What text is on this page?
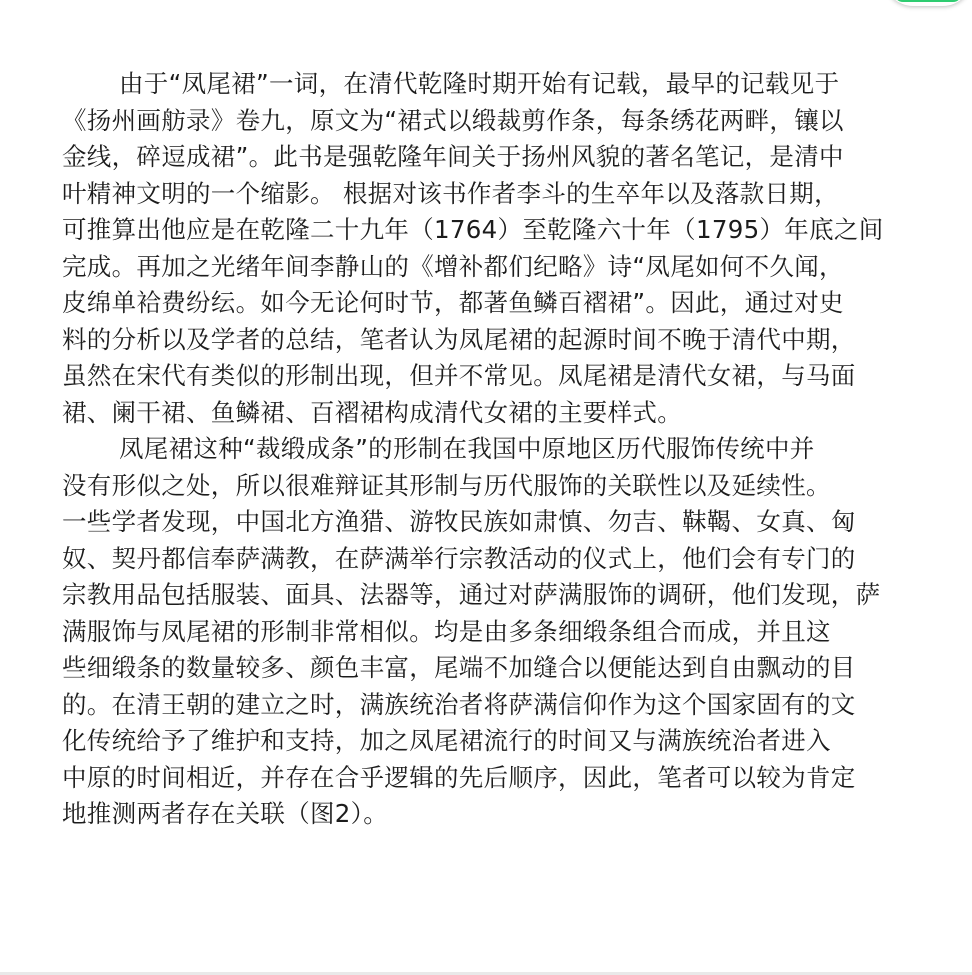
由于“凤尾裙”一词，在清代乾隆时期开始有记载，最早的记载见于
《扬州画舫录》卷九，原文为“裙式以缎裁剪作条，每条绣花两畔，镶以
金线，碎逗成裙”。此书是强乾隆年间关于扬州风貌的著名笔记，是清中
叶精神文明的一个缩影。 根据对该书作者李斗的生卒年以及落款日期，
可推算出他应是在乾隆二十九年（1764）至乾隆六十年（1795）年底之间
完成。再加之光绪年间李静山的《增补都们纪略》诗“凤尾如何不久闻，
皮绵单袷费纷纭。如今无论何时节，都著鱼鳞百褶裙”。因此，通过对史
料的分析以及学者的总结，笔者认为凤尾裙的起源时间不晚于清代中期，
虽然在宋代有类似的形制出现，但并不常见。凤尾裙是清代女裙，与马面
裙、阑干裙、鱼鳞裙、百褶裙构成清代女裙的主要样式。
凤尾裙这种“裁缎成条”的形制在我国中原地区历代服饰传统中并
没有形似之处，所以很难辩证其形制与历代服饰的关联性以及延续性。
一些学者发现，中国北方渔猎、游牧民族如肃慎、勿吉、靺鞨、女真、匈
奴、契丹都信奉萨满教，在萨满举行宗教活动的仪式上，他们会有专门的
宗教用品包括服装、面具、法器等，通过对萨满服饰的调研，他们发现，萨
满服饰与凤尾裙的形制非常相似。均是由多条细缎条组合而成，并且这
些细缎条的数量较多、颜色丰富，尾端不加缝合以便能达到自由飘动的目
的。在清王朝的建立之时，满族统治者将萨满信仰作为这个国家固有的文
化传统给予了维护和支持，加之凤尾裙流行的时间又与满族统治者进入
中原的时间相近，并存在合乎逻辑的先后顺序，因此，笔者可以较为肯定
地推测两者存在关联（图2）。
